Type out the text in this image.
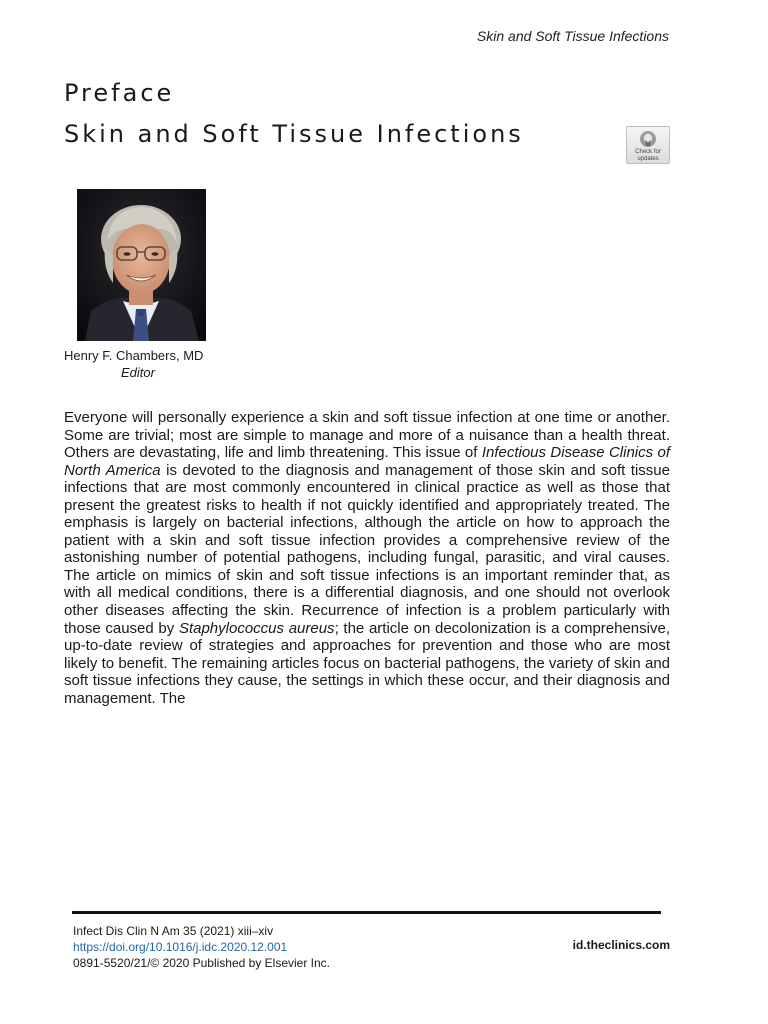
Skin and Soft Tissue Infections
Preface
Skin and Soft Tissue Infections
Check for
updates
Henry F. Chambers, MD
Editor

Everyone will personally experience a skin and soft tissue infection at one time or another. Some are trivial; most are simple to manage and more of a nuisance than a health threat. Others are devastating, life and limb threatening. This issue of Infectious Disease Clinics of North America is devoted to the diagnosis and management of those skin and soft tissue infections that are most commonly encountered in clinical practice as well as those that present the greatest risks to health if not quickly identified and appropriately treated. The emphasis is largely on bacterial infections, although the article on how to approach the patient with a skin and soft tissue infection provides a comprehensive review of the astonishing number of potential pathogens, including fungal, parasitic, and viral causes. The article on mimics of skin and soft tissue infections is an important reminder that, as with all medical conditions, there is a differential diagnosis, and one should not overlook other diseases affecting the skin. Recurrence of infection is a problem particularly with those caused by Staphylococcus aureus; the article on decolonization is a comprehensive, up-to-date review of strategies and approaches for prevention and those who are most likely to benefit. The remaining articles focus on bacterial pathogens, the variety of skin and soft tissue infections they cause, the settings in which these occur, and their diagnosis and management. The

Infect Dis Clin N Am 35 (2021) xiii–xiv
https://doi.org/10.1016/j.idc.2020.12.001
0891-5520/21/© 2020 Published by Elsevier Inc.
id.theclinics.com
